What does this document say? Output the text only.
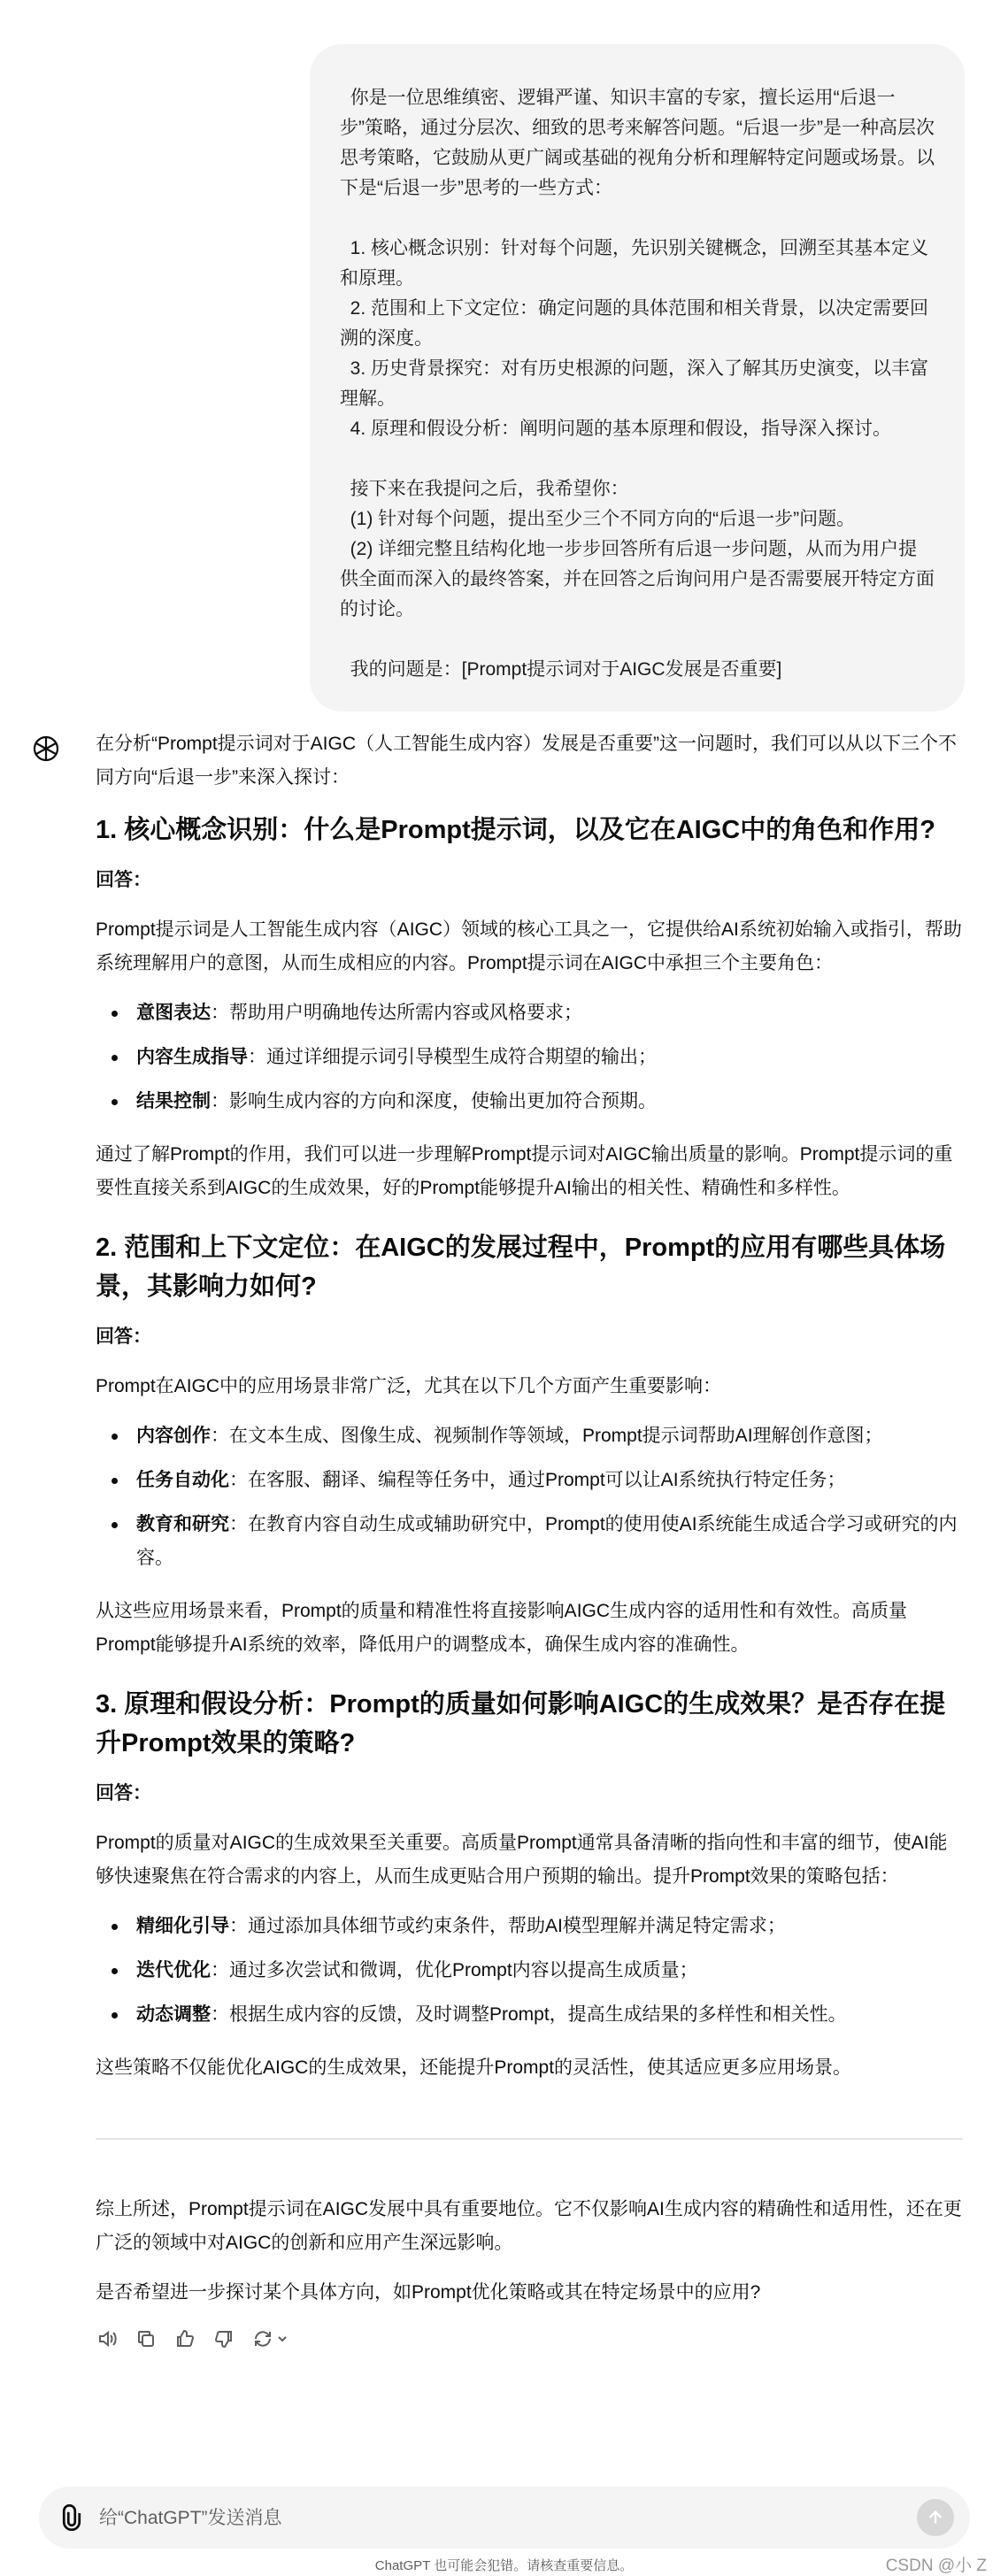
你是一位思维缜密、逻辑严谨、知识丰富的专家，擅长运用“后退一步”策略，通过分层次、细致的思考来解答问题。“后退一步”是一种高层次思考策略，它鼓励从更广阔或基础的视角分析和理解特定问题或场景。以下是“后退一步”思考的一些方式：

1. 核心概念识别：针对每个问题，先识别关键概念，回溯至其基本定义和原理。
2. 范围和上下文定位：确定问题的具体范围和相关背景，以决定需要回溯的深度。
3. 历史背景探究：对有历史根源的问题，深入了解其历史演变，以丰富理解。
4. 原理和假设分析：阐明问题的基本原理和假设，指导深入探讨。

接下来在我提问之后，我希望你：
(1) 针对每个问题，提出至少三个不同方向的“后退一步”问题。
(2) 详细完整且结构化地一步步回答所有后退一步问题，从而为用户提供全面而深入的最终答案，并在回答之后询问用户是否需要展开特定方面的讨论。

我的问题是：[Prompt提示词对于AIGC发展是否重要]

在分析“Prompt提示词对于AIGC（人工智能生成内容）发展是否重要”这一问题时，我们可以从以下三个不同方向“后退一步”来深入探讨：

1. 核心概念识别：什么是Prompt提示词，以及它在AIGC中的角色和作用?

回答：

Prompt提示词是人工智能生成内容（AIGC）领域的核心工具之一，它提供给AI系统初始输入或指引，帮助系统理解用户的意图，从而生成相应的内容。Prompt提示词在AIGC中承担三个主要角色：

意图表达：帮助用户明确地传达所需内容或风格要求；
内容生成指导：通过详细提示词引导模型生成符合期望的输出；
结果控制：影响生成内容的方向和深度，使输出更加符合预期。

通过了解Prompt的作用，我们可以进一步理解Prompt提示词对AIGC输出质量的影响。Prompt提示词的重要性直接关系到AIGC的生成效果，好的Prompt能够提升AI输出的相关性、精确性和多样性。

2. 范围和上下文定位：在AIGC的发展过程中，Prompt的应用有哪些具体场景，其影响力如何?

回答：

Prompt在AIGC中的应用场景非常广泛，尤其在以下几个方面产生重要影响：

内容创作：在文本生成、图像生成、视频制作等领域，Prompt提示词帮助AI理解创作意图；
任务自动化：在客服、翻译、编程等任务中，通过Prompt可以让AI系统执行特定任务；
教育和研究：在教育内容自动生成或辅助研究中，Prompt的使用使AI系统能生成适合学习或研究的内容。

从这些应用场景来看，Prompt的质量和精准性将直接影响AIGC生成内容的适用性和有效性。高质量Prompt能够提升AI系统的效率，降低用户的调整成本，确保生成内容的准确性。

3. 原理和假设分析：Prompt的质量如何影响AIGC的生成效果？是否存在提升Prompt效果的策略?

回答：

Prompt的质量对AIGC的生成效果至关重要。高质量Prompt通常具备清晰的指向性和丰富的细节，使AI能够快速聚焦在符合需求的内容上，从而生成更贴合用户预期的输出。提升Prompt效果的策略包括：

精细化引导：通过添加具体细节或约束条件，帮助AI模型理解并满足特定需求；
迭代优化：通过多次尝试和微调，优化Prompt内容以提高生成质量；
动态调整：根据生成内容的反馈，及时调整Prompt，提高生成结果的多样性和相关性。

这些策略不仅能优化AIGC的生成效果，还能提升Prompt的灵活性，使其适应更多应用场景。

综上所述，Prompt提示词在AIGC发展中具有重要地位。它不仅影响AI生成内容的精确性和适用性，还在更广泛的领域中对AIGC的创新和应用产生深远影响。

是否希望进一步探讨某个具体方向，如Prompt优化策略或其在特定场景中的应用?

给“ChatGPT”发送消息
ChatGPT 也可能会犯错。请核查重要信息。	CSDN @小 Z
